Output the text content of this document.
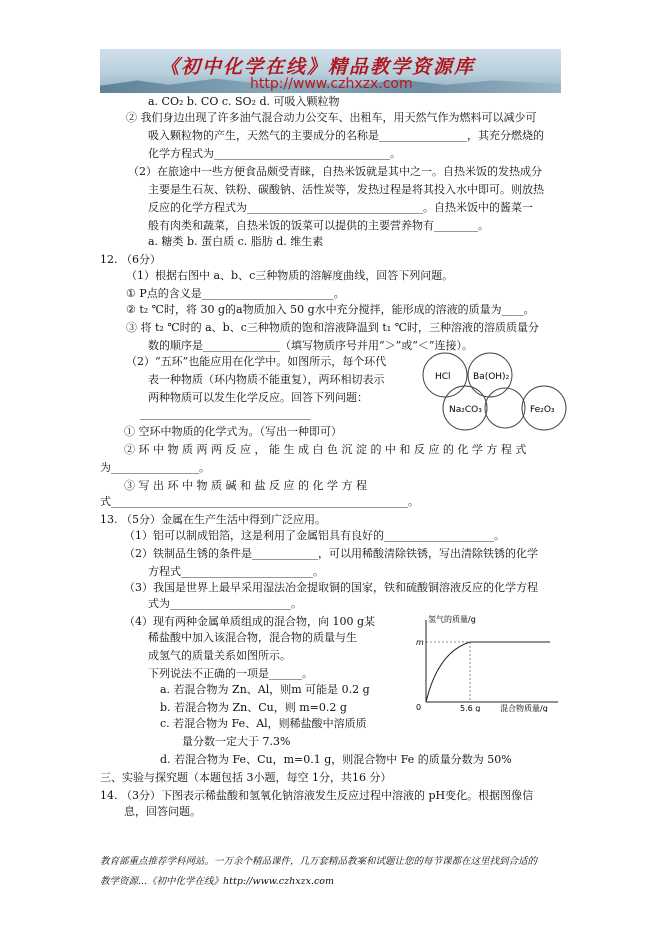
《初中化学在线》精品教学资源库
http://www.czhxzx.com
a. CO₂ b. CO c. SO₂ d. 可吸入颗粒物
② 我们身边出现了许多油气混合动力公交车、出租车，用天然气作为燃料可以减少可
吸入颗粒物的产生，天然气的主要成分的名称是________________，其充分燃烧的
化学方程式为________________________________。
（2）在旅途中一些方便食品颇受青睐，自热米饭就是其中之一。自热米饭的发热成分
主要是生石灰、铁粉、碳酸钠、活性炭等，发热过程是将其投入水中即可。则放热
反应的化学方程式为________________________________。自热米饭中的酱菜一
般有肉类和蔬菜，自热米饭的饭菜可以提供的主要营养物有________。
a. 糖类 b. 蛋白质 c. 脂肪 d. 维生素
12. （6分）
（1）根据右图中 a、b、c三种物质的溶解度曲线，回答下列问题。
① P点的含义是________________________。
② t₂ ℃时，将 30 g的a物质加入 50 g水中充分搅拌，能形成的溶液的质量为____。
③ 将 t₂ ℃时的 a、b、c三种物质的饱和溶液降温到 t₁ ℃时，三种溶液的溶质质量分
数的顺序是______________（填写物质序号并用“＞”或“＜”连接）。
（2）“五环”也能应用在化学中。如图所示，每个环代
表一种物质（环内物质不能重复），两环相切表示
两种物质可以发生化学反应。回答下列问题：
_______________________________
① 空环中物质的化学式为。（写出一种即可）
② 环 中 物 质 两 两 反 应 ， 能 生 成 白 色 沉 淀 的 中 和 反 应 的 化 学 方 程 式
为________________。
③ 写 出 环 中 物 质 碱 和 盐 反 应 的 化 学 方 程
式______________________________________________________。
HCl Ba(OH)₂
Na₂CO₃	Fe₂O₃
13. （5分）金属在生产生活中得到广泛应用。
（1）铝可以制成铝箔，这是利用了金属铝具有良好的____________________。
（2）铁制品生锈的条件是____________，可以用稀酸清除铁锈，写出清除铁锈的化学
方程式________________________。
（3）我国是世界上最早采用湿法冶金提取铜的国家，铁和硫酸铜溶液反应的化学方程
式为______________________。
（4）现有两种金属单质组成的混合物，向 100 g某
稀盐酸中加入该混合物，混合物的质量与生
成氢气的质量关系如图所示。
下列说法不正确的一项是______。
a. 若混合物为 Zn、Al，则m 可能是 0.2 g
b. 若混合物为 Zn、Cu，则 m=0.2 g
c. 若混合物为 Fe、Al，则稀盐酸中溶质质
量分数一定大于 7.3%
d. 若混合物为 Fe、Cu，m=0.1 g，则混合物中 Fe 的质量分数为 50%
氢气的质量/g
m
0	5.6 g 混合物质量/g
三、实验与探究题（本题包括 3小题，每空 1分，共16 分）
14. （3分）下图表示稀盐酸和氢氧化钠溶液发生反应过程中溶液的 pH变化。根据图像信
息，回答问题。
教育部重点推荐学科网站。一万余个精品课件，几万套精品教案和试题让您的每节课都在这里找到合适的
教学资源...《初中化学在线》http://www.czhxzx.com
